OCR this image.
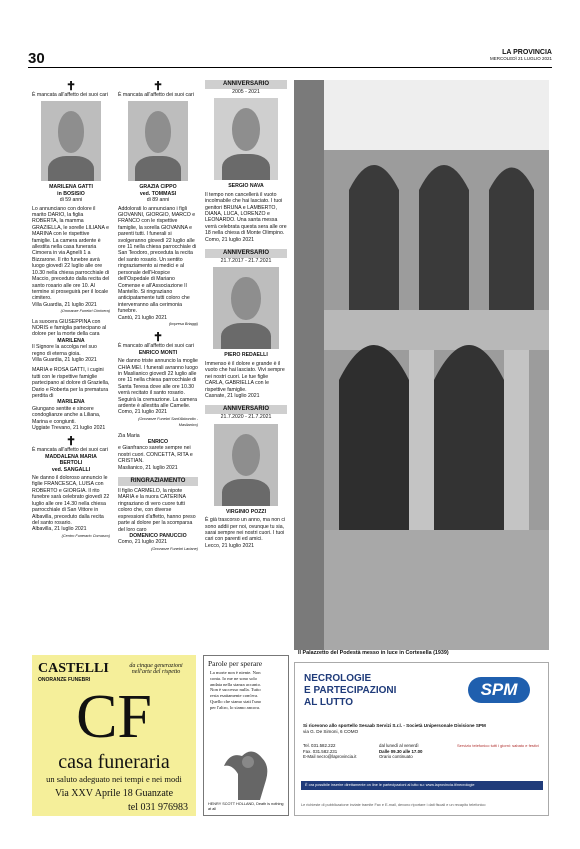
30	LA PROVINCIA
MERCOLEDÌ 21 LUGLIO 2021
✝
È mancata all'affetto dei suoi cari
MARILENA GATTI
in BOSISIO
di 59 anni
Lo annunciano con dolore il marito DARIO, la figlia ROBERTA, la mamma GRAZIELLA, le sorelle LILIANA e MARINA con le rispettive famiglie. La camera ardente è allestita nella casa funeraria Cimoera in via Agnelli 1 a Bizzarone. Il rito funebre avrà luogo giovedì 22 luglio alle ore 10.30 nella chiesa parrocchiale di Maccio, preceduto dalla recita del santo rosario alle ore 10. Al termine si proseguirà per il locale cimitero.
Villa Guardia, 21 luglio 2021
(Onoranze Funebri Cimioera)
La suocera GIUSEPPINA con NORIS e famiglia partecipano al dolore per la morte della cara
MARILENA
Il Signore la accolga nel suo regno di eterna gioia.
Villa Guardia, 21 luglio 2021
MARIA e ROSA GATTI, i cugini tutti con le rispettive famiglie partecipano al dolore di Graziella, Dario e Roberta per la prematura perdita di
MARILENA
Giungano sentite e sincere condoglianze anche a Liliana, Marina e congiunti.
Uggiate Trevano, 21 luglio 2021
✝
È mancata all'affetto dei suoi cari
MADDALENA MARIA
BERTOLI
ved. SANGALLI
Ne danno il doloroso annuncio le figlie FRANCESCA, LUISA con ROBERTO e GIORGIA. Il rito funebre sarà celebrato giovedì 22 luglio alle ore 14.30 nella chiesa parrocchiale di San Vittore in Albavilla, preceduto dalla recita del santo rosario.
Albavilla, 21 luglio 2021
(Centro Funerario Comasco)
✝
È mancata all'affetto dei suoi cari
GRAZIA CIPPO
ved. TOMMASI
di 89 anni
Addolorati lo annunciano i figli GIOVANNI, GIORGIO, MARCO e FRANCO con le rispettive famiglie, la sorella GIOVANNA e parenti tutti. I funerali si svolgeranno giovedì 22 luglio alle ore 11 nella chiesa parrocchiale di San Teodoro, preceduta la recita del santo rosario. Un sentito ringraziamento ai medici e al personale dell'Hospice dell'Ospedale di Mariano Comense e all'Associazione Il Mantello. Si ringraziano anticipatamente tutti coloro che interverranno alla cerimonia funebre.
Cantù, 21 luglio 2021
(Impresa Briaggi)
✝
È mancato all'affetto dei suoi cari
ENRICO MONTI
Ne danno triste annuncio la moglie CHIA MEI. I funerali avranno luogo in Maslianico giovedì 22 luglio alle ore 11 nella chiesa parrocchiale di Santa Teresa dove alle ore 10.30 verrà recitato il santo rosario. Seguirà la cremazione. La camera ardente è allestita alle Camelie.
Como, 21 luglio 2021
(Onoranze Funebri Sant'Abbondio - Maslianico)
Zia Maria
ENRICO
e Gianfranco sarete sempre nei nostri cuori. CONCETTA, RITA e CRISTIAN.
Maslianico, 21 luglio 2021
RINGRAZIAMENTO
Il figlio CARMELO, la nipote MARIA e la nuora CATERINA ringraziano di vero cuore tutti coloro che, con diverse espressioni d'affetto, hanno preso parte al dolore per la scomparsa del loro caro
DOMENICO PANUCCIO
Como, 21 luglio 2021
(Onoranze Funebri Lariane)
ANNIVERSARIO
2005 - 2021
SERGIO NAVA
Il tempo non cancellerà il vuoto incolmabile che hai lasciato. I tuoi genitori BRUNA e LAMBERTO, DIANA, LUCA, LORENZO e LEONARDO. Una santa messa verrà celebrata questa sera alle ore 18 nella chiesa di Monte Olimpino.
Como, 21 luglio 2021
ANNIVERSARIO
21.7.2017 - 21.7.2021
PIERO REDAELLI
Immenso è il dolore e grande è il vuoto che hai lasciato. Vivi sempre nei nostri cuori. Le tue figlie CARLA, GABRIELLA con le rispettive famiglie.
Casnate, 21 luglio 2021
ANNIVERSARIO
21.7.2020 - 21.7.2021
VIRGINIO POZZI
È già trascorso un anno, ma non ci sono addii per noi, ovunque tu sia, sarai sempre nei nostri cuori. I tuoi cari con parenti ed amici.
Lecco, 21 luglio 2021
Il Palazzetto del Podestà messo in luce in Cortesella (1939)
CASTELLI
ONORANZE FUNEBRI
da cinque generazioni
nell'arte del rispetto
CF
casa funeraria
un saluto adeguato nei tempi e nei modi
Via XXV Aprile 18 Guanzate
tel 031 976983
Parole per sperare
La morte non è niente. Non conta. Io me ne sono solo andata nella stanza accanto. Non è successo nulla. Tutto resta esattamente com'era. Quello che siamo stati l'uno per l'altro, lo siamo ancora.
HENRY SCOTT HOLLAND, Death is nothing at all
NECROLOGIE
E PARTECIPAZIONI
AL LUTTO
SPM
Si ricevono allo sportello Sesaab Servizi S.r.l. - Società Unipersonale Divisione SPM
via G. De Simoni, 6 COMO
Tel. 031.582.222
Fax. 031.582.231
E-Mail necro@laprovincia.it
dal lunedì al venerdì
Dalle 09.30 alle 17.00
Orario continuato
Servizio telefonico tutti i giorni: sabato e festivi
È ora possibile inserire direttamente on line le partecipazioni al lutto su: www.laprovincia.it/necrologie
Le richieste di pubblicazione inviate tramite Fax e E-mail, devono riportare i dati fiscali e un recapito telefonico
